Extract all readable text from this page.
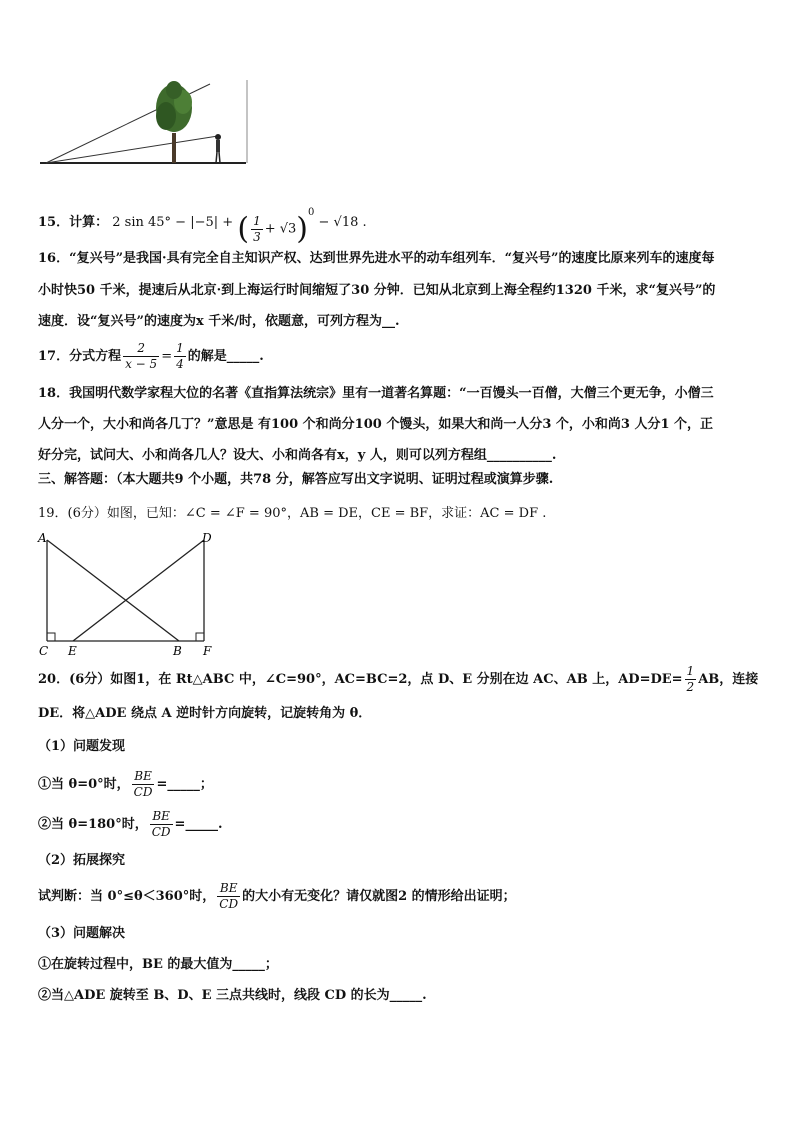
15．计算： 2 sin 45° − |−5| + ( $\frac{1}{3} + √3)^0 - √18$ .
16．“复兴号”是我国·具有完全自主知识产权、达到世界先进水平的动车组列车．“复兴号”的速度比原来列车的速度每
小时快50 千米，提速后从北京·到上海运行时间缩短了30 分钟．已知从北京到上海全程约1320 千米，求“复兴号”的
速度．设“复兴号”的速度为x 千米/时，依题意，可列方程为__.
17．分式方程 $\frac{2}{x - 5} = \frac{1}{4}$ 的解是_____.
18．我国明代数学家程大位的名著《直指算法统宗》里有一道著名算题：“一百馒头一百僧，大僧三个更无争，小僧三
人分一个，大小和尚各几丁？”意思是 有100 个和尚分100 个馒头，如果大和尚一人分3 个，小和尚3 人分1 个，正
好分完，试问大、小和尚各几人？设大、小和尚各有x，y 人，则可以列方程组__________.
三、解答题：（本大题共9 个小题，共78 分，解答应写出文字说明、证明过程或演算步骤.
19．(6分）如图，已知：∠C = ∠F = 90°，AB = DE，CE = BF，求证：AC = DF .
A	D
C E	B F
20．(6分）如图1，在 Rt△ABC 中，∠C=90°，AC=BC=2，点 D、E 分别在边 AC、AB 上，$AD=DE= \frac{1}{2}$ AB，连接
DE．将△ADE 绕点 A 逆时针方向旋转，记旋转角为 θ．
（1）问题发现
①当 θ=0°时， $\frac{BE}{CD}$ =_____；
②当 θ=180°时， $\frac{BE}{CD}$ =_____.
（2）拓展探究
试判断：当 0°≤θ＜360°时， $\frac{BE}{CD}$ 的大小有无变化？请仅就图2 的情形给出证明；
（3）问题解决
①在旋转过程中，BE 的最大值为_____；
②当△ADE 旋转至 B、D、E 三点共线时，线段 CD 的长为_____.
